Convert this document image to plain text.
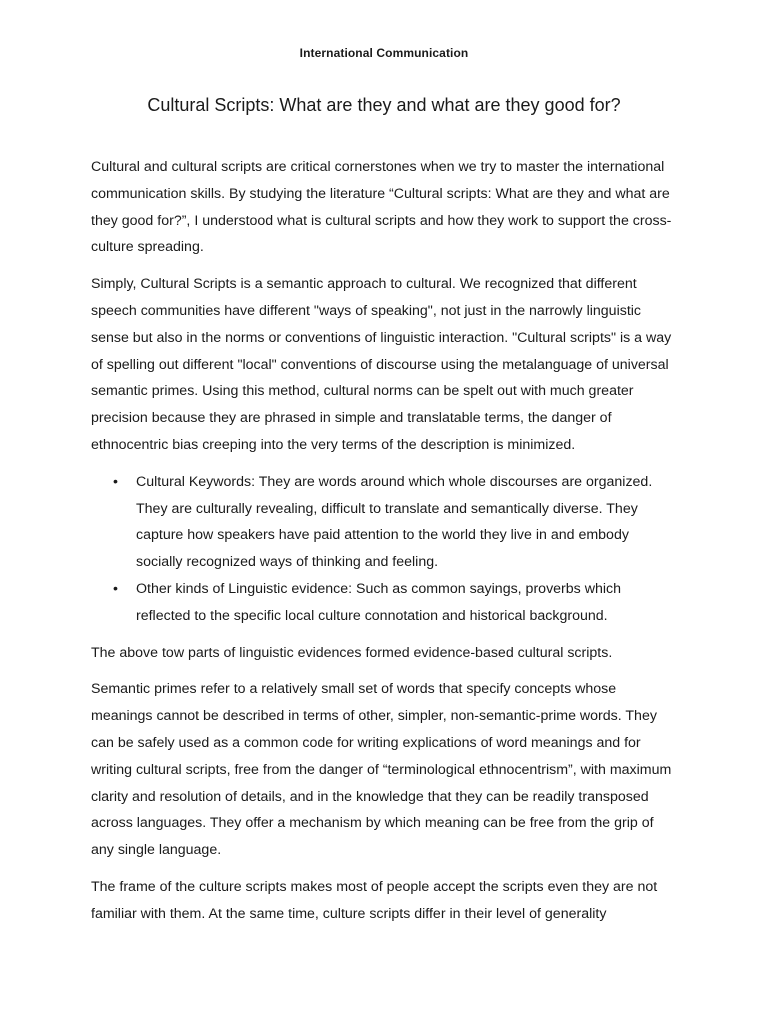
International Communication
Cultural Scripts: What are they and what are they good for?

Cultural and cultural scripts are critical cornerstones when we try to master the international communication skills. By studying the literature “Cultural scripts: What are they and what are they good for?”, I understood what is cultural scripts and how they work to support the cross-culture spreading.

Simply, Cultural Scripts is a semantic approach to cultural. We recognized that different speech communities have different "ways of speaking", not just in the narrowly linguistic sense but also in the norms or conventions of linguistic interaction. "Cultural scripts" is a way of spelling out different "local" conventions of discourse using the metalanguage of universal semantic primes. Using this method, cultural norms can be spelt out with much greater precision because they are phrased in simple and translatable terms, the danger of ethnocentric bias creeping into the very terms of the description is minimized.

• Cultural Keywords: They are words around which whole discourses are organized. They are culturally revealing, difficult to translate and semantically diverse. They capture how speakers have paid attention to the world they live in and embody socially recognized ways of thinking and feeling.
• Other kinds of Linguistic evidence: Such as common sayings, proverbs which reflected to the specific local culture connotation and historical background.

The above tow parts of linguistic evidences formed evidence-based cultural scripts.

Semantic primes refer to a relatively small set of words that specify concepts whose meanings cannot be described in terms of other, simpler, non-semantic-prime words. They can be safely used as a common code for writing explications of word meanings and for writing cultural scripts, free from the danger of “terminological ethnocentrism”, with maximum clarity and resolution of details, and in the knowledge that they can be readily transposed across languages. They offer a mechanism by which meaning can be free from the grip of any single language.

The frame of the culture scripts makes most of people accept the scripts even they are not familiar with them. At the same time, culture scripts differ in their level of generality
